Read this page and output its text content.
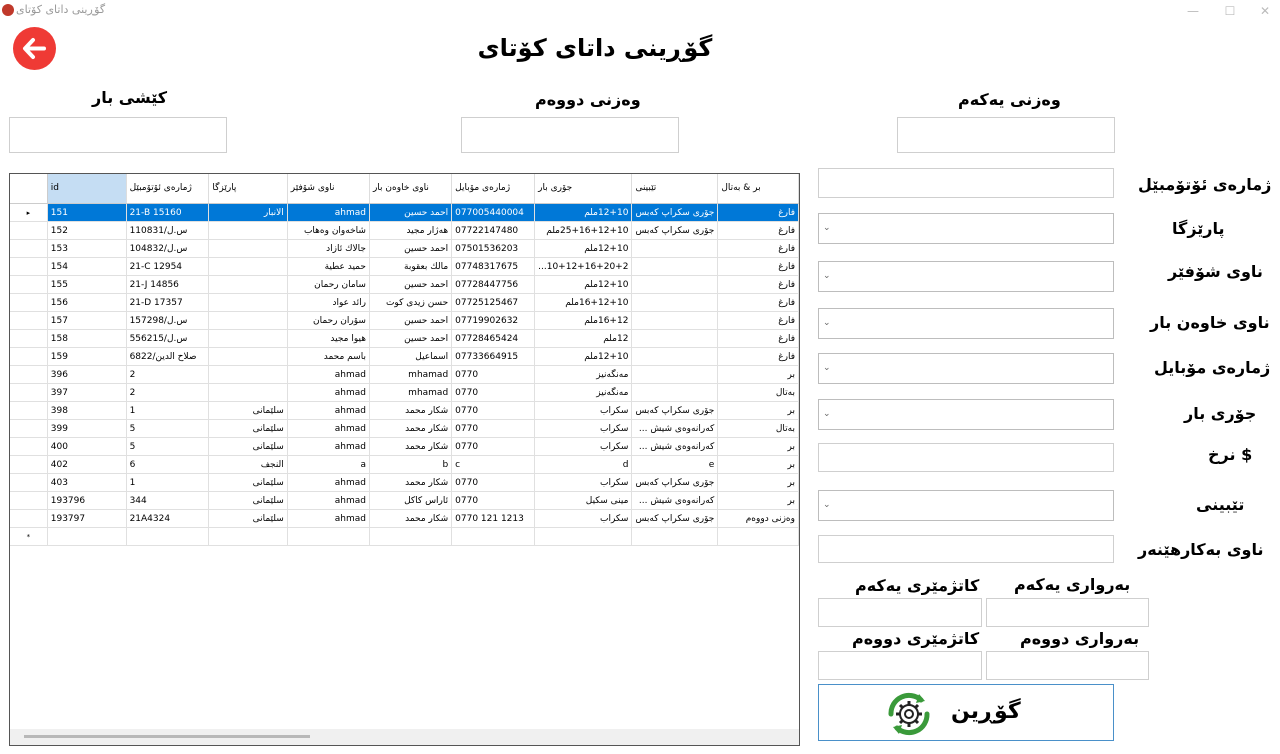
گۆڕینی داتای کۆتای	—	☐	✕
گۆڕینی داتای کۆتای
کێشی بار	وەزنی دووەم	وەزنی یەکەم
	id	ژمارەی ئۆتۆمبێل	پارێزگا	ناوی شۆفێر	ناوی خاوەن بار	ژمارەی مۆبایل	جۆری بار	تێبینی	بر & بەتال
▸	151	21-B 15160	الانبار	ahmad	احمد حسین	077005440004	12+10ملم	جۆری سکراپ کەبس	فارغ
	152	س.ل/110831		شاخەوان وەهاب	هەژار مجید	07722147480	25+16+12+10ملم	جۆری سکراپ کەبس	فارغ
	153	س.ل/104832		جالاك ئازاد	احمد حسین	07501536203	12+10ملم		فارغ
	154	21-C 12954		حمید عطیة	مالك بعقوبة	07748317675	10+12+16+20+2...		فارغ
	155	21-J 14856		سامان رحمان	احمد حسین	07728447756	12+10ملم		فارغ
	156	21-D 17357		رائد عواد	حسن زیدی کوت	07725125467	16+12+10ملم		فارغ
	157	س.ل/157298		سۆران رحمان	احمد حسین	07719902632	16+12ملم		فارغ
	158	س.ل/556215		هیوا مجید	احمد حسین	07728465424	12ملم		فارغ
	159	صلاح الدین/6822		باسم محمد	اسماعیل	07733664915	12+10ملم		فارغ
	396	2		ahmad	mhamad	0770	مەنگەنیز		بر
	397	2		ahmad	mhamad	0770	مەنگەنیز		بەتال
	398	1	سلێمانی	ahmad	شکار محمد	0770	سکراب	جۆری سکراپ کەبس	بر
	399	5	سلێمانی	ahmad	شکار محمد	0770	سکراب	کەرانەوەی شیش ...	بەتال
	400	5	سلێمانی	ahmad	شکار محمد	0770	سکراب	کەرانەوەی شیش ...	بر
	402	6	النجف	a	b	c	d	e	بر
	403	1	سلێمانی	ahmad	شکار محمد	0770	سکراب	جۆری سکراپ کەبس	بر
	193796	344	سلێمانی	ahmad	ئاراس کاکل	0770	مینی سکیل	کەرانەوەی شیش ...	بر
	193797	21A4324	سلێمانی	ahmad	شکار محمد	0770 121 1213	سکراب	جۆری سکراپ کەبس	وەزنی دووەم
*									
ژمارەی ئۆتۆمبێل
پارێزگا
ناوی شۆفێر
ناوی خاوەن بار
ژمارەی مۆبایل
جۆری بار
$ نرخ
تێبینی
ناوی بەکارهێنەر
⌄
⌄
⌄
⌄
⌄
⌄
بەرواری یەکەم
کاتژمێری یەکەم
بەرواری دووەم
کاتژمێری دووەم
گۆڕین
